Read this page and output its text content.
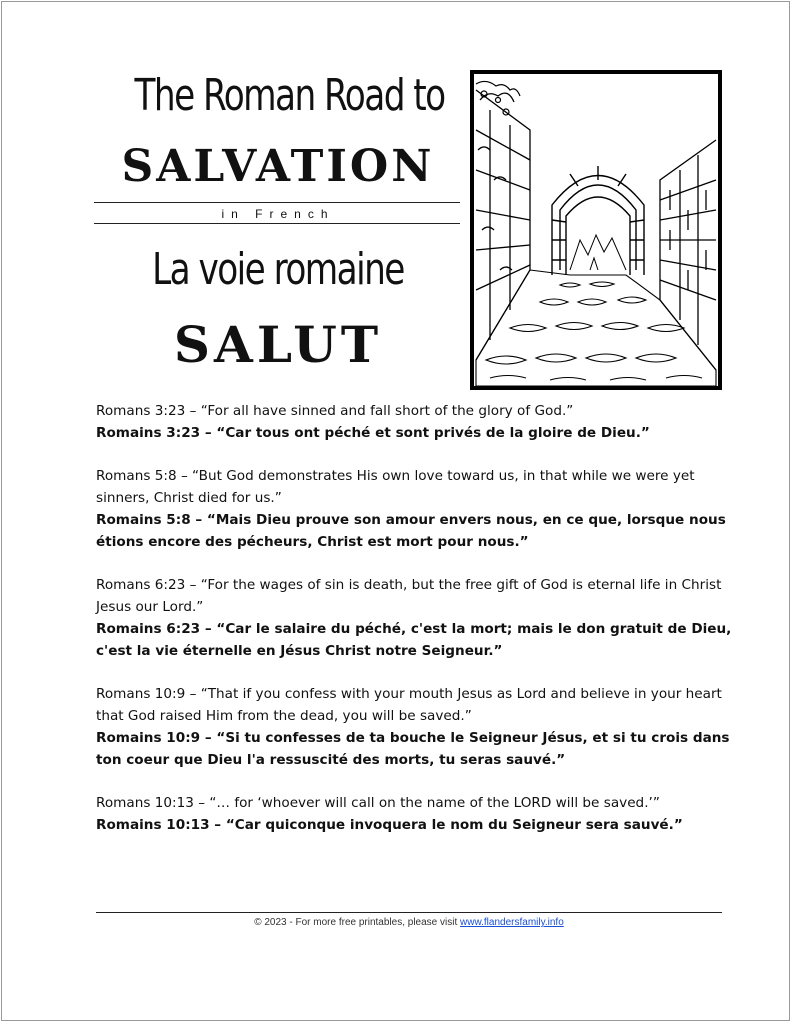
The Roman Road to
SALVATION
in French
La voie romaine
SALUT

Romans 3:23 – “For all have sinned and fall short of the glory of God.”

Romains 3:23 – “Car tous ont péché et sont privés de la gloire de Dieu.”

Romans 5:8 – “But God demonstrates His own love toward us, in that while we were yet sinners, Christ died for us.”

Romains 5:8 – “Mais Dieu prouve son amour envers nous, en ce que, lorsque nous étions encore des pécheurs, Christ est mort pour nous.”

Romans 6:23 – “For the wages of sin is death, but the free gift of God is eternal life in Christ Jesus our Lord.”

Romains 6:23 – “Car le salaire du péché, c'est la mort; mais le don gratuit de Dieu, c'est la vie éternelle en Jésus Christ notre Seigneur.”

Romans 10:9 – “That if you confess with your mouth Jesus as Lord and believe in your heart that God raised Him from the dead, you will be saved.”

Romains 10:9 – “Si tu confesses de ta bouche le Seigneur Jésus, et si tu crois dans ton coeur que Dieu l'a ressuscité des morts, tu seras sauvé.”

Romans 10:13 – “… for ‘whoever will call on the name of the LORD will be saved.’”

Romains 10:13 – “Car quiconque invoquera le nom du Seigneur sera sauvé.”

© 2023 - For more free printables, please visit www.flandersfamily.info
